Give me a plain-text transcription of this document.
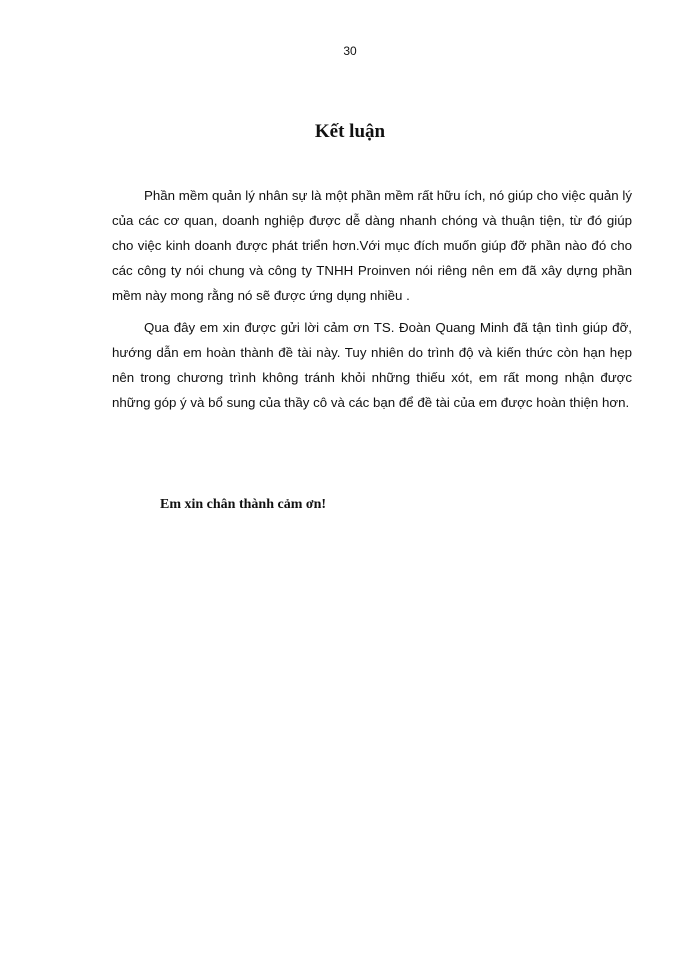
30
Kết luận

Phần mềm quản lý nhân sự là một phần mềm rất hữu ích, nó giúp cho việc quản lý của các cơ quan, doanh nghiệp được dễ dàng nhanh chóng và thuận tiện, từ đó giúp cho việc kinh doanh được phát triển hơn.Với mục đích muốn giúp đỡ phần nào đó cho các công ty nói chung và công ty TNHH Proinven nói riêng nên em đã xây dựng phần mềm này mong rằng nó sẽ được ứng dụng nhiều .

Qua đây em xin được gửi lời cảm ơn TS. Đoàn Quang Minh đã tận tình giúp đỡ, hướng dẫn em hoàn thành đề tài này. Tuy nhiên do trình độ và kiến thức còn hạn hẹp nên trong chương trình không tránh khỏi những thiếu xót, em rất mong nhận được những góp ý và bổ sung của thầy cô và các bạn để đề tài của em được hoàn thiện hơn.

Em xin chân thành cảm ơn!
